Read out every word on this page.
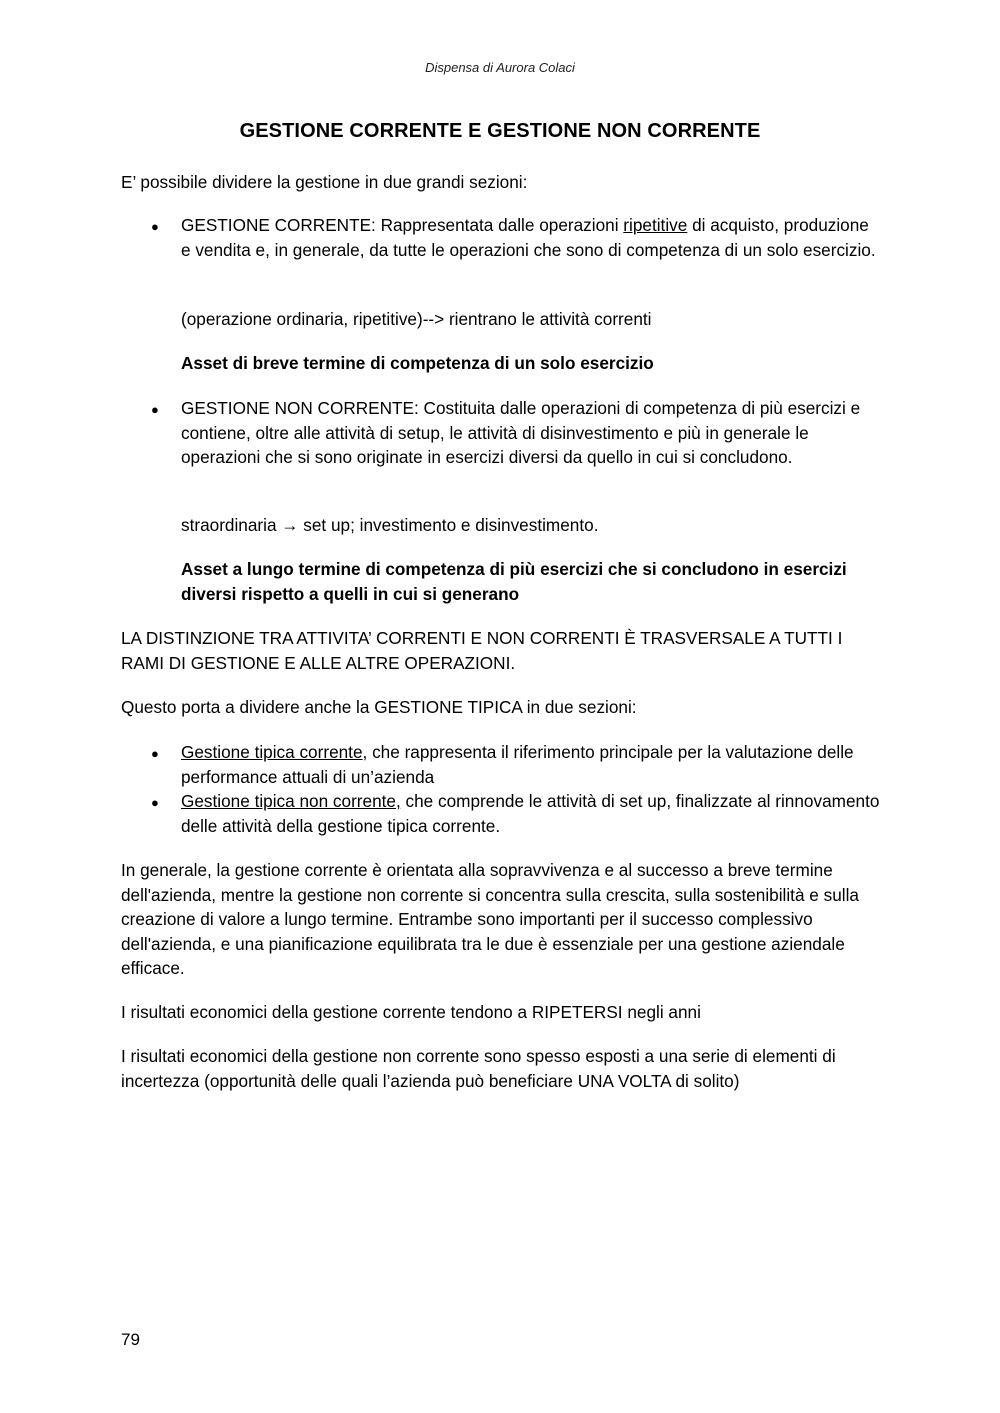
Dispensa di Aurora Colaci
GESTIONE CORRENTE E GESTIONE NON CORRENTE
E’ possibile dividere la gestione in due grandi sezioni:
● GESTIONE CORRENTE: Rappresentata dalle operazioni ripetitive di acquisto, produzione e vendita e, in generale, da tutte le operazioni che sono di competenza di un solo esercizio.
(operazione ordinaria, ripetitive)--> rientrano le attività correnti
Asset di breve termine di competenza di un solo esercizio
● GESTIONE NON CORRENTE: Costituita dalle operazioni di competenza di più esercizi e contiene, oltre alle attività di setup, le attività di disinvestimento e più in generale le operazioni che si sono originate in esercizi diversi da quello in cui si concludono.
straordinaria → set up; investimento e disinvestimento.
Asset a lungo termine di competenza di più esercizi che si concludono in esercizi diversi rispetto a quelli in cui si generano
LA DISTINZIONE TRA ATTIVITA’ CORRENTI E NON CORRENTI È TRASVERSALE A TUTTI I RAMI DI GESTIONE E ALLE ALTRE OPERAZIONI.
Questo porta a dividere anche la GESTIONE TIPICA in due sezioni:
● Gestione tipica corrente, che rappresenta il riferimento principale per la valutazione delle performance attuali di un’azienda
● Gestione tipica non corrente, che comprende le attività di set up, finalizzate al rinnovamento delle attività della gestione tipica corrente.
In generale, la gestione corrente è orientata alla sopravvivenza e al successo a breve termine dell'azienda, mentre la gestione non corrente si concentra sulla crescita, sulla sostenibilità e sulla creazione di valore a lungo termine. Entrambe sono importanti per il successo complessivo dell'azienda, e una pianificazione equilibrata tra le due è essenziale per una gestione aziendale efficace.
I risultati economici della gestione corrente tendono a RIPETERSI negli anni
I risultati economici della gestione non corrente sono spesso esposti a una serie di elementi di incertezza (opportunità delle quali l’azienda può beneficiare UNA VOLTA di solito)
79
